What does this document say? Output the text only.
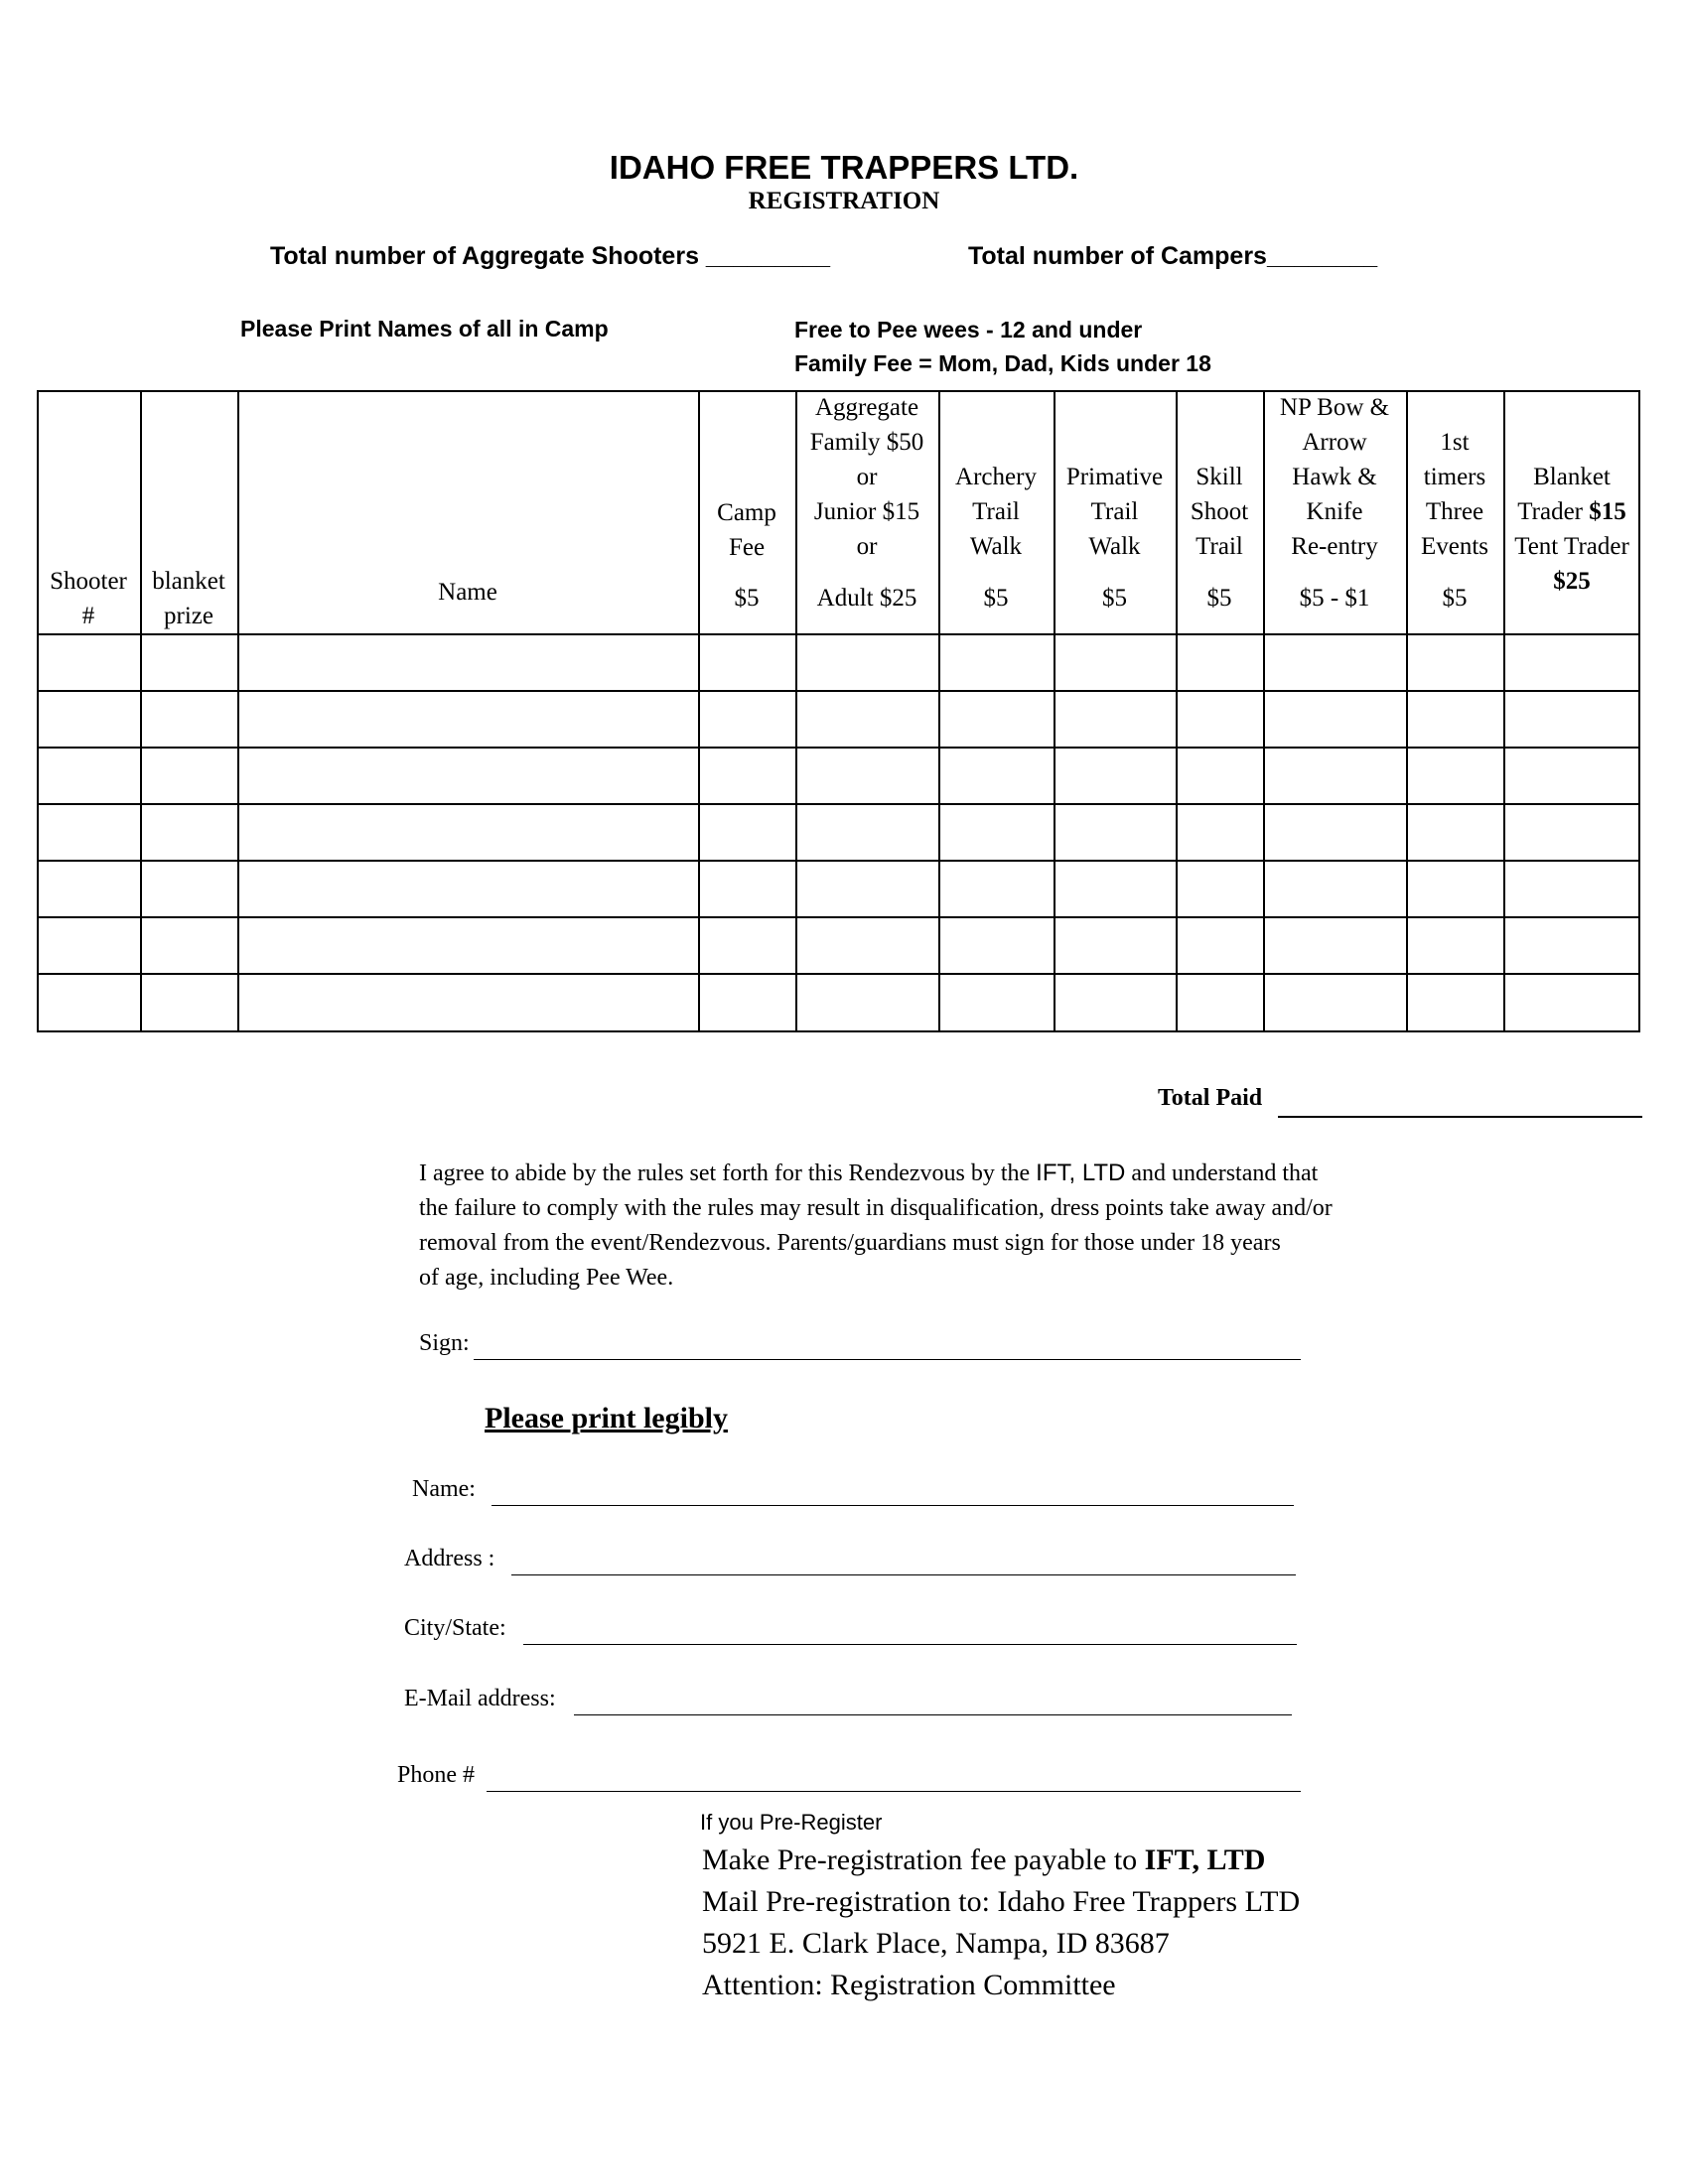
IDAHO FREE TRAPPERS LTD.
REGISTRATION
Total number of Aggregate Shooters _________	Total number of Campers________
Please Print Names of all in Camp	Free to Pee wees - 12 and under
Family Fee = Mom, Dad, Kids under 18
Shooter
#
blanket
prize
Name
Camp
Fee
$5
Aggregate
Family $50
or
Junior $15
or
Adult $25
Archery
Trail
Walk
$5
Primative
Trail
Walk
$5
Skill
Shoot
Trail
$5
NP Bow &
Arrow
Hawk &
Knife
Re-entry
$5 - $1
1st
timers
Three
Events
$5
Blanket
Trader $15
Tent Trader
$25
Total Paid
I agree to abide by the rules set forth for this Rendezvous by the IFT, LTD and understand that
the failure to comply with the rules may result in disqualification, dress points take away and/or
removal from the event/Rendezvous. Parents/guardians must sign for those under 18 years
of age, including Pee Wee.
Sign:
Please print legibly
Name:
Address :
City/State:
E-Mail address:
Phone #
If you Pre-Register
Make Pre-registration fee payable to IFT, LTD
Mail Pre-registration to: Idaho Free Trappers LTD
5921 E. Clark Place, Nampa, ID 83687
Attention: Registration Committee
